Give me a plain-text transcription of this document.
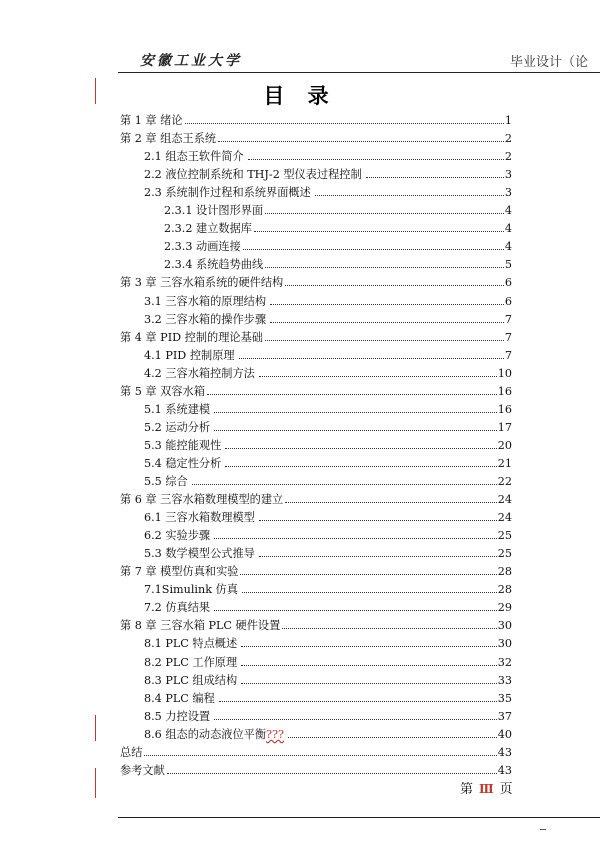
安徽工业大学	毕业设计（论
目 录
第 1 章 绪论	1
第 2 章 组态王系统	2
2.1 组态王软件简介	2
2.2 液位控制系统和 THJ-2 型仪表过程控制	3
2.3 系统制作过程和系统界面概述	3
2.3.1 设计图形界面	4
2.3.2 建立数据库	4
2.3.3 动画连接	4
2.3.4 系统趋势曲线	5
第 3 章 三容水箱系统的硬件结构	6
3.1 三容水箱的原理结构	6
3.2 三容水箱的操作步骤	7
第 4 章 PID 控制的理论基础	7
4.1 PID 控制原理	7
4.2 三容水箱控制方法	10
第 5 章 双容水箱	16
5.1 系统建模	16
5.2 运动分析	17
5.3 能控能观性	20
5.4 稳定性分析	21
5.5 综合	22
第 6 章 三容水箱数理模型的建立	24
6.1 三容水箱数理模型	24
6.2 实验步骤	25
5.3 数学模型公式推导	25
第 7 章 模型仿真和实验	28
7.1Simulink 仿真	28
7.2 仿真结果	29
第 8 章 三容水箱 PLC 硬件设置	30
8.1 PLC 特点概述	30
8.2 PLC 工作原理	32
8.3 PLC 组成结构	33
8.4 PLC 编程	35
8.5 力控设置	37
8.6 组态的动态液位平衡???	40
总结	43
参考文献	43
第 Ⅲ 页
